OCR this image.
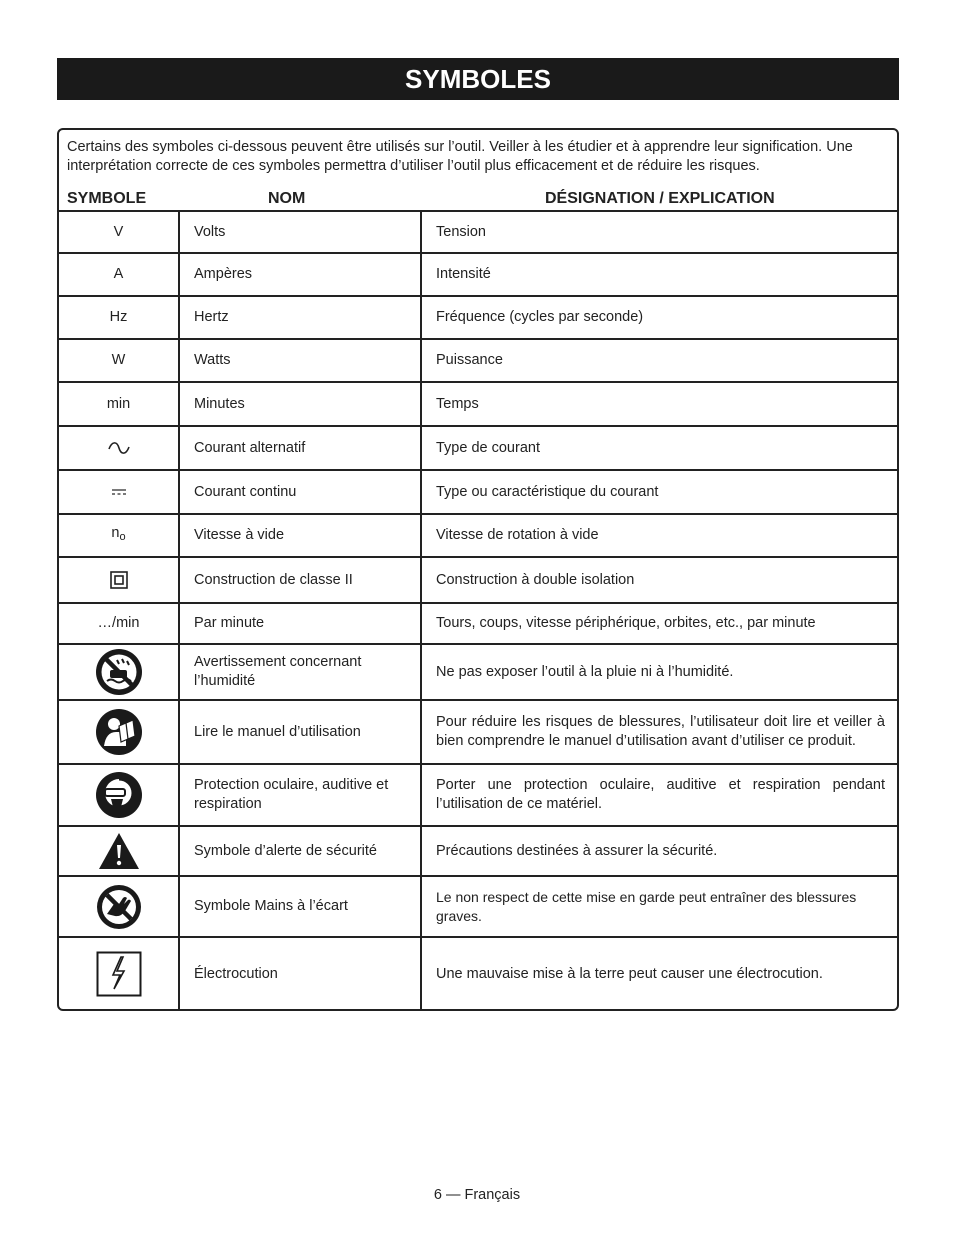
SYMBOLES
Certains des symboles ci-dessous peuvent être utilisés sur l’outil. Veiller à les étudier et à apprendre leur signification. Une interprétation correcte de ces symboles permettra d’utiliser l’outil plus efficacement et de réduire les risques.
SYMBOLE	NOM	DÉSIGNATION / EXPLICATION
V	Volts	Tension
A	Ampères	Intensité
Hz	Hertz	Fréquence (cycles par seconde)
W	Watts	Puissance
min	Minutes	Temps

	Courant alternatif	Type de courant

	Courant continu	Type ou caractéristique du courant
$n_o$	Vitesse à vide	Vitesse de rotation à vide

	Construction de classe II	Construction à double isolation
…/min	Par minute	Tours, coups, vitesse périphérique, orbites, etc., par minute

	Avertissement concernant l’humidité	Ne pas exposer l’outil à la pluie ni à l’humidité.

	Lire le manuel d’utilisation	Pour réduire les risques de blessures, l’utilisateur doit lire et veiller à bien comprendre le manuel d’utilisation avant d’utiliser ce produit.

	Protection oculaire, auditive et respiration	Porter une protection oculaire, auditive et respiration pendant l’utilisation de ce matériel.

	Symbole d’alerte de sécurité	Précautions destinées à assurer la sécurité.

	Symbole Mains à l’écart	Le non respect de cette mise en garde peut entraîner des blessures graves.

	Électrocution	Une mauvaise mise à la terre peut causer une électrocution.
6 — Français
